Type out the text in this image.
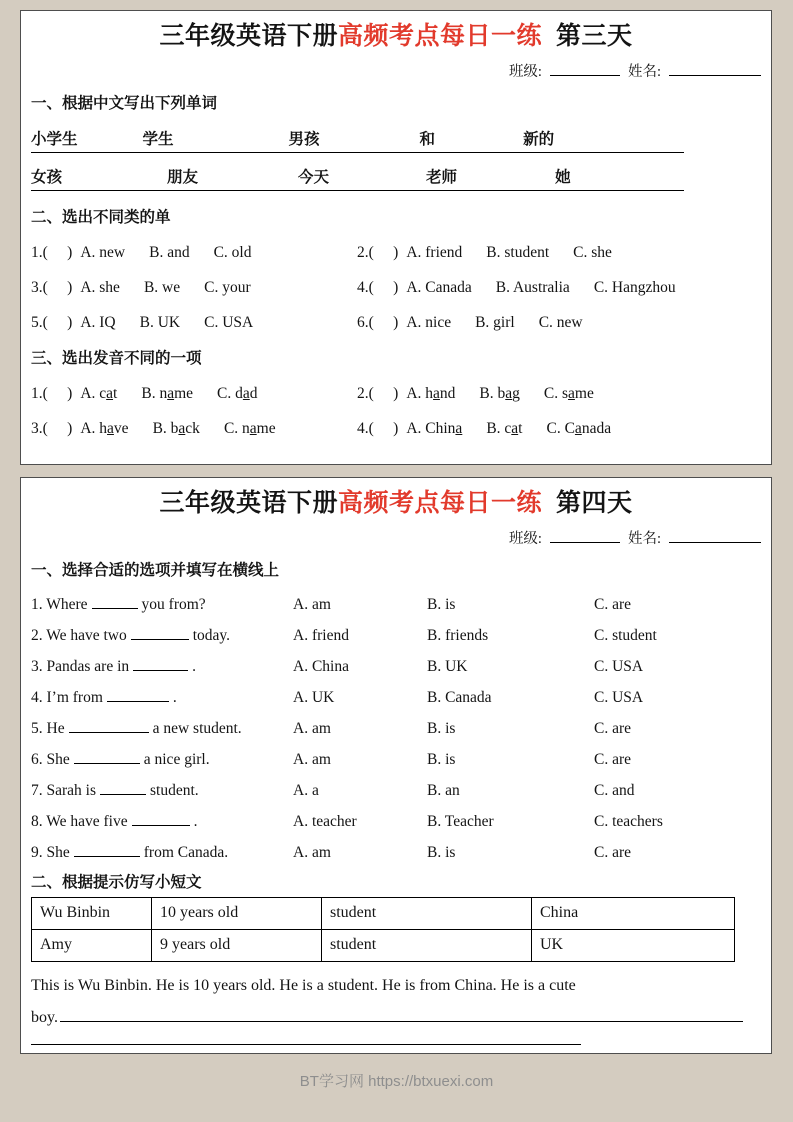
三年级英语下册高频考点每日一练 第三天
班级:	姓名:
一、根据中文写出下列单词
小学生	学生	男孩	和	新的
女孩	朋友	今天	老师	她
二、选出不同类的单
1.(     ) A. new B. and C. old	2.(     ) A. friend B. student C. she
3.(     ) A. she B. we C. your	4.(     ) A. Canada B. Australia C. Hangzhou
5.(     ) A. IQ B. UK C. USA	6.(     ) A. nice B. girl C. new
三、选出发音不同的一项
1.(     ) A. cat B. name C. dad	2.(     ) A. hand B. bag C. same
3.(     ) A. have B. back C. name	4.(     ) A. China B. cat C. Canada
三年级英语下册高频考点每日一练 第四天
班级:	姓名:
一、选择合适的选项并填写在横线上
1. Where	you from?	A. am	B. is	C. are
2. We have two	today.	A. friend	B. friends	C. student
3. Pandas are in	.	A. China	B. UK	C. USA
4. I’m from	.	A. UK	B. Canada	C. USA
5. He	a new student.	A. am	B. is	C. are
6. She	a nice girl.	A. am	B. is	C. are
7. Sarah is	student.	A. a	B. an	C. and
8. We have five	.	A. teacher	B. Teacher	C. teachers
9. She	from Canada.	A. am	B. is	C. are
二、根据提示仿写小短文
Wu Binbin	10 years old	student	China
Amy	9 years old	student	UK
This is Wu Binbin. He is 10 years old. He is a student. He is from China. He is a cute
boy.
BT学习网 https://btxuexi.com
